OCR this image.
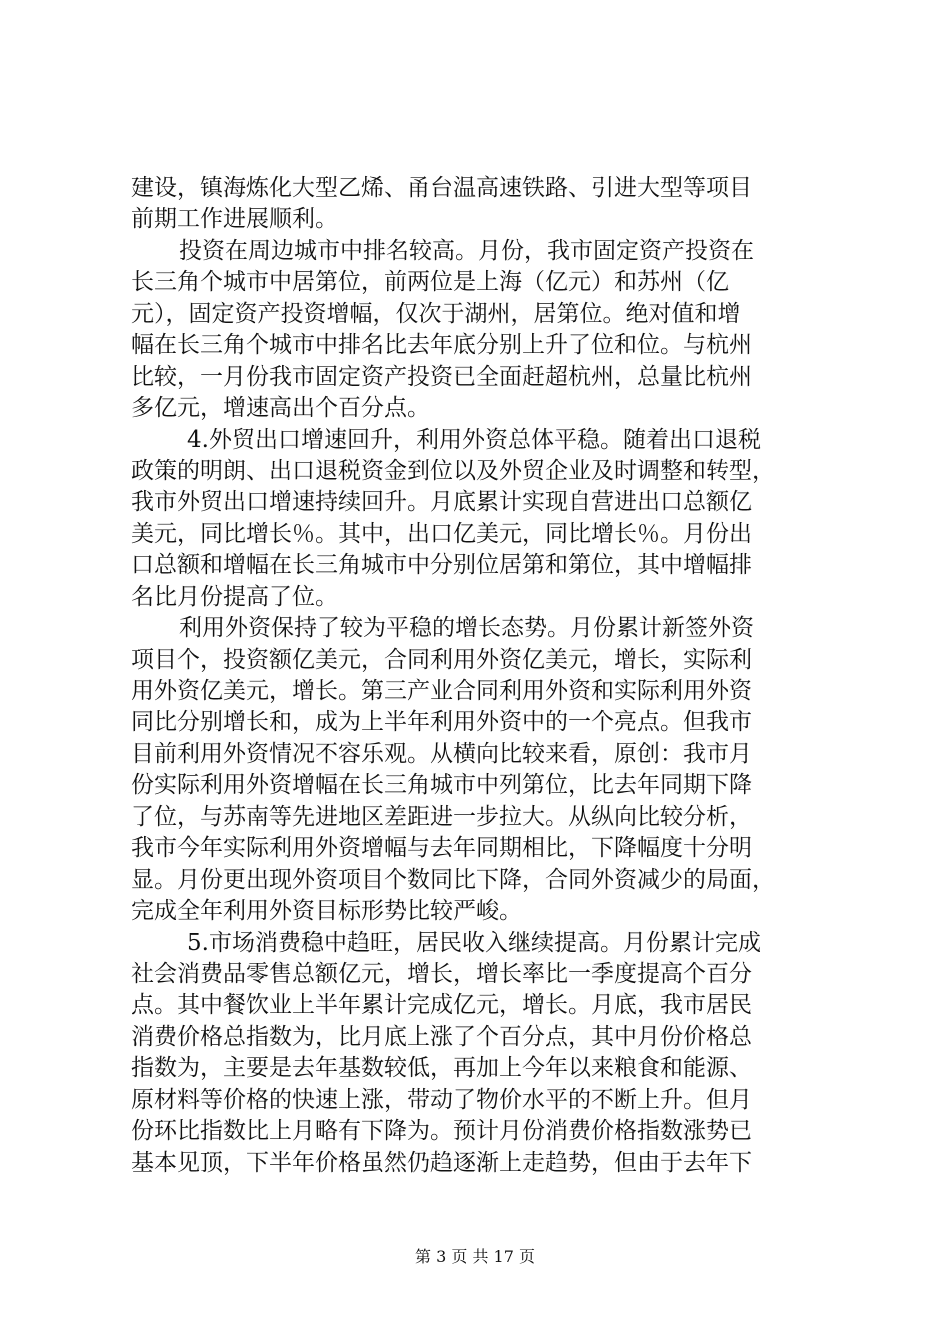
建设，镇海炼化大型乙烯、甬台温高速铁路、引进大型等项目
前期工作进展顺利。
投资在周边城市中排名较高。月份，我市固定资产投资在
长三角个城市中居第位，前两位是上海（亿元）和苏州（亿
元），固定资产投资增幅，仅次于湖州，居第位。绝对值和增
幅在长三角个城市中排名比去年底分别上升了位和位。与杭州
比较，一月份我市固定资产投资已全面赶超杭州，总量比杭州
多亿元，增速高出个百分点。
4.外贸出口增速回升，利用外资总体平稳。随着出口退税
政策的明朗、出口退税资金到位以及外贸企业及时调整和转型，
我市外贸出口增速持续回升。月底累计实现自营进出口总额亿
美元，同比增长％。其中，出口亿美元，同比增长％。月份出
口总额和增幅在长三角城市中分别位居第和第位，其中增幅排
名比月份提高了位。
利用外资保持了较为平稳的增长态势。月份累计新签外资
项目个，投资额亿美元，合同利用外资亿美元，增长，实际利
用外资亿美元，增长。第三产业合同利用外资和实际利用外资
同比分别增长和，成为上半年利用外资中的一个亮点。但我市
目前利用外资情况不容乐观。从横向比较来看，原创：我市月
份实际利用外资增幅在长三角城市中列第位，比去年同期下降
了位，与苏南等先进地区差距进一步拉大。从纵向比较分析，
我市今年实际利用外资增幅与去年同期相比，下降幅度十分明
显。月份更出现外资项目个数同比下降，合同外资减少的局面，
完成全年利用外资目标形势比较严峻。
5.市场消费稳中趋旺，居民收入继续提高。月份累计完成
社会消费品零售总额亿元，增长，增长率比一季度提高个百分
点。其中餐饮业上半年累计完成亿元，增长。月底，我市居民
消费价格总指数为，比月底上涨了个百分点，其中月份价格总
指数为，主要是去年基数较低，再加上今年以来粮食和能源、
原材料等价格的快速上涨，带动了物价水平的不断上升。但月
份环比指数比上月略有下降为。预计月份消费价格指数涨势已
基本见顶，下半年价格虽然仍趋逐渐上走趋势，但由于去年下
第 3 页 共 17 页
